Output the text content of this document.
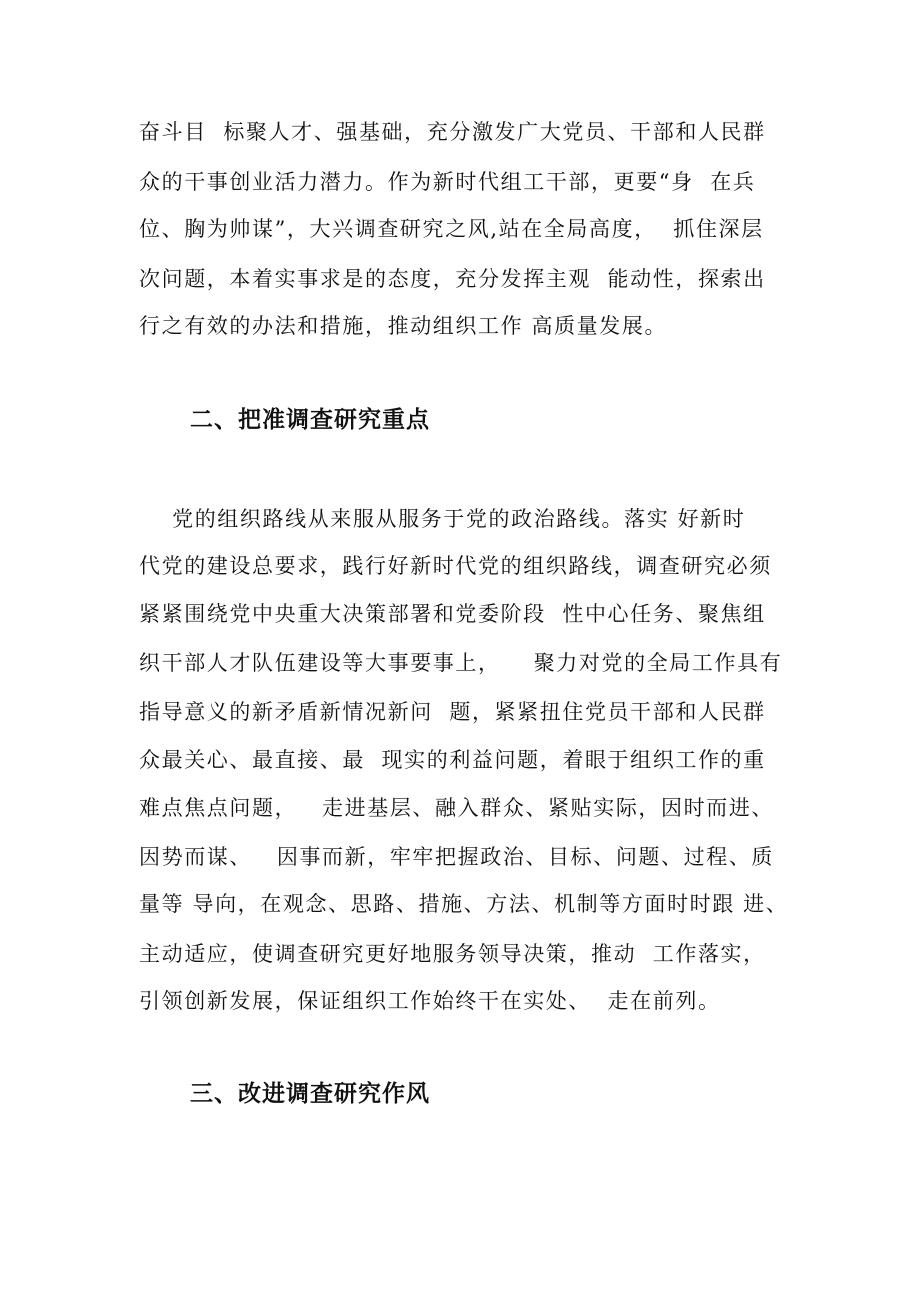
奋斗目  标聚人才、强基础，充分激发广大党员、干部和人民群
众的干事创业活力潜力。作为新时代组工干部，更要“身  在兵
位、胸为帅谋”，大兴调查研究之风,站在全局高度，  抓住深层
次问题，本着实事求是的态度，充分发挥主观  能动性，探索出
行之有效的办法和措施，推动组织工作 高质量发展。
二、把准调查研究重点
党的组织路线从来服从服务于党的政治路线。落实 好新时
代党的建设总要求，践行好新时代党的组织路线，调查研究必须
紧紧围绕党中央重大决策部署和党委阶段  性中心任务、聚焦组
织干部人才队伍建设等大事要事上，    聚力对党的全局工作具有
指导意义的新矛盾新情况新问  题，紧紧扭住党员干部和人民群
众最关心、最直接、最  现实的利益问题，着眼于组织工作的重
难点焦点问题，   走进基层、融入群众、紧贴实际，因时而进、
因势而谋、   因事而新，牢牢把握政治、目标、问题、过程、质
量等 导向，在观念、思路、措施、方法、机制等方面时时跟 进、
主动适应，使调查研究更好地服务领导决策，推动  工作落实，
引领创新发展，保证组织工作始终干在实处、  走在前列。
三、改进调查研究作风
